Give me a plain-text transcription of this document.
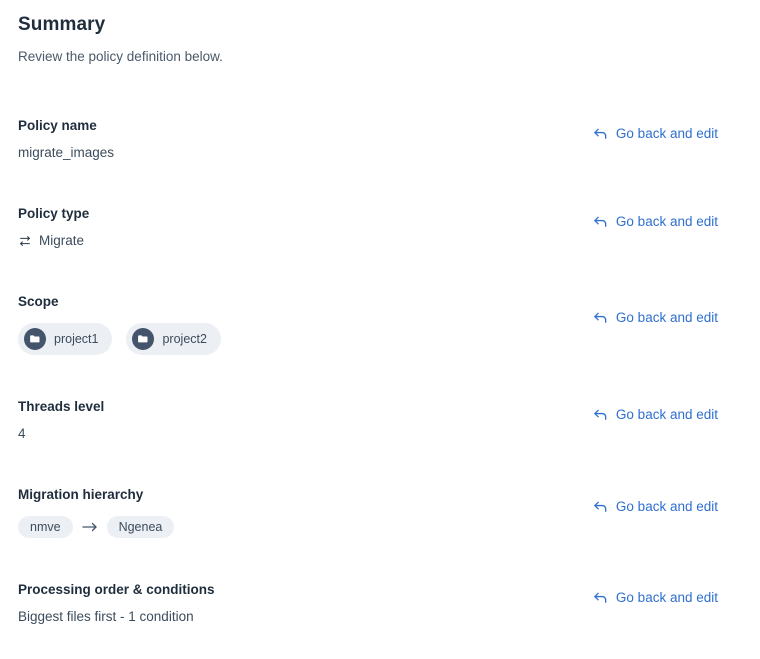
Summary

Review the policy definition below.

Policy name
migrate_images
Go back and edit
Policy type
Migrate
Go back and edit
Scope
project1	project2
Go back and edit
Threads level
4
Go back and edit
Migration hierarchy
nmve	Ngenea
Go back and edit
Processing order & conditions
Biggest files first - 1 condition
Go back and edit
